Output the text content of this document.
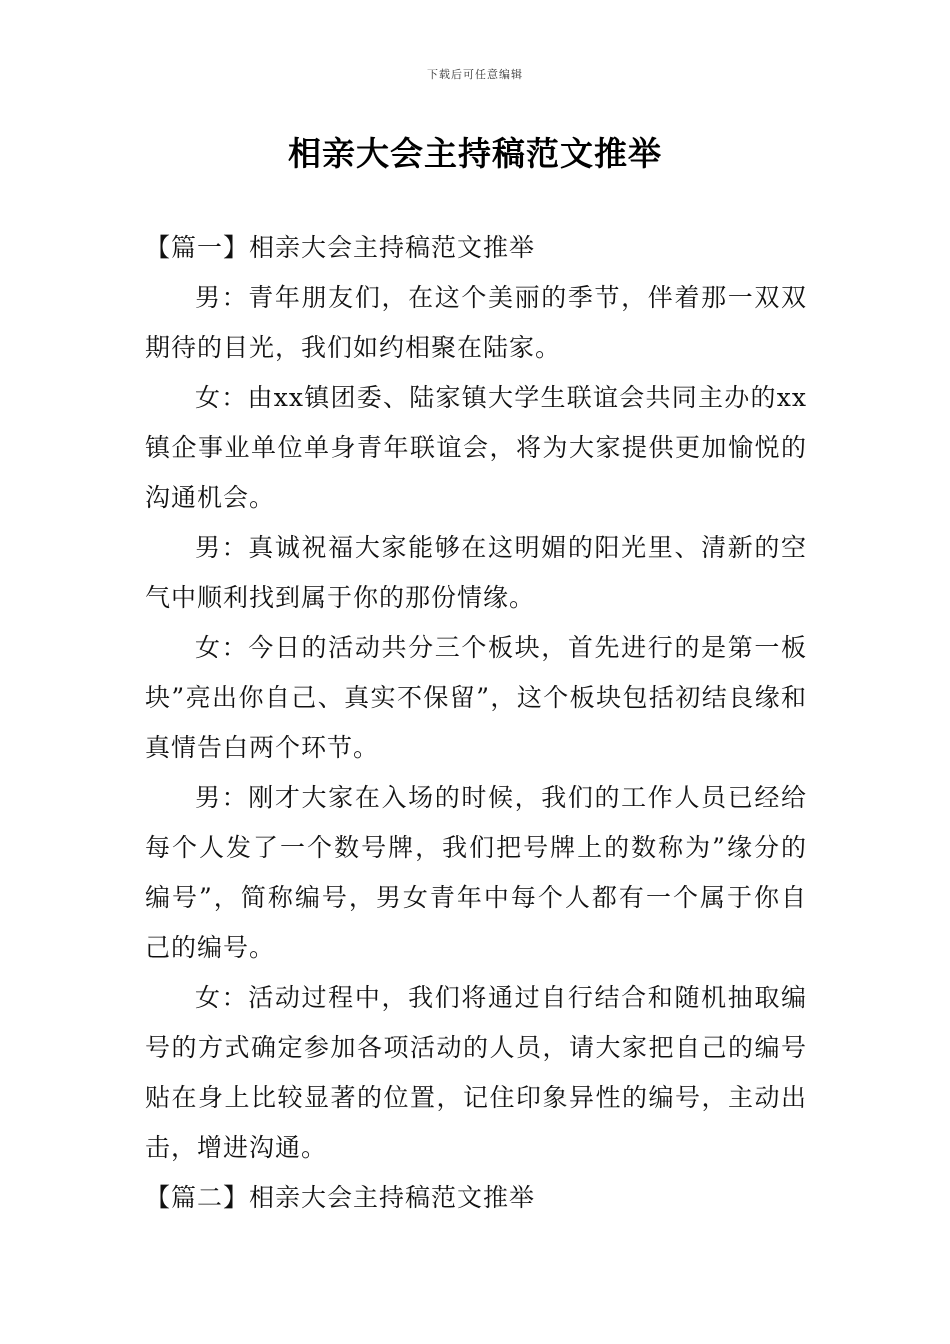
下载后可任意编辑
相亲大会主持稿范文推举
【篇一】相亲大会主持稿范文推举

男：青年朋友们，在这个美丽的季节，伴着那一双双期待的目光，我们如约相聚在陆家。

女：由xx镇团委、陆家镇大学生联谊会共同主办的xx镇企事业单位单身青年联谊会，将为大家提供更加愉悦的沟通机会。

男：真诚祝福大家能够在这明媚的阳光里、清新的空气中顺利找到属于你的那份情缘。

女：今日的活动共分三个板块，首先进行的是第一板块”亮出你自己、真实不保留”，这个板块包括初结良缘和真情告白两个环节。

男：刚才大家在入场的时候，我们的工作人员已经给每个人发了一个数号牌，我们把号牌上的数称为”缘分的编号”，简称编号，男女青年中每个人都有一个属于你自己的编号。

女：活动过程中，我们将通过自行结合和随机抽取编号的方式确定参加各项活动的人员，请大家把自己的编号贴在身上比较显著的位置，记住印象异性的编号，主动出击，增进沟通。

【篇二】相亲大会主持稿范文推举
